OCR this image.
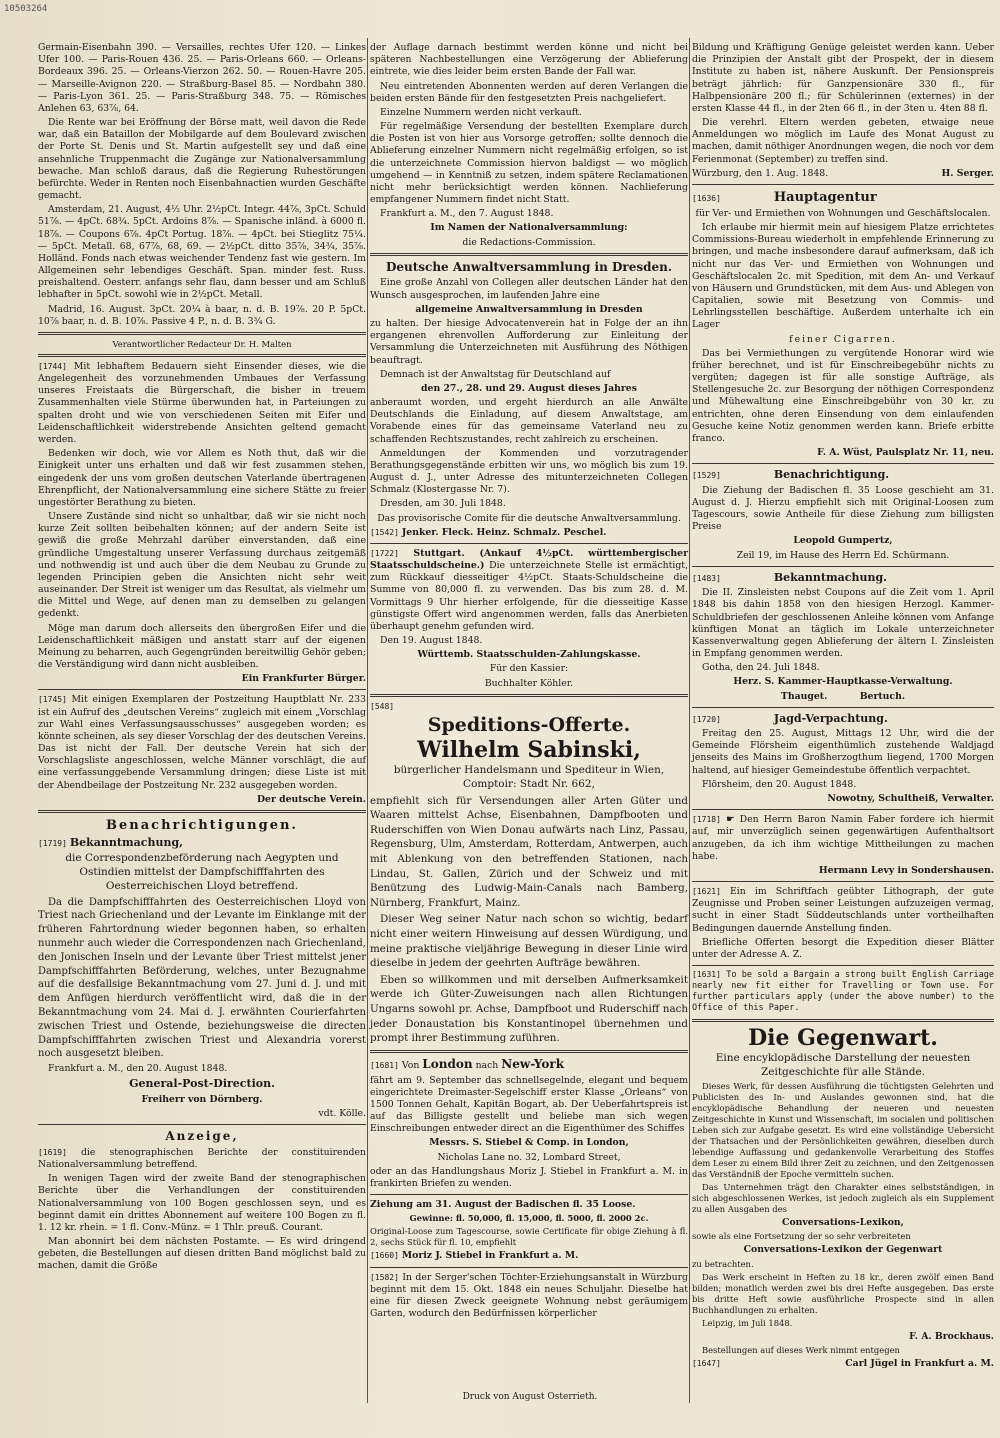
10503264

Germain-Eisenbahn 390. — Versailles, rechtes Ufer 120. — Linkes Ufer 100. — Paris-Rouen 436. 25. — Paris-Orleans 660. — Orleans-Bordeaux 396. 25. — Orleans-Vierzon 262. 50. — Rouen-Havre 205. — Marseille-Avignon 220. — Straßburg-Basel 85. — Nordbahn 380. — Paris-Lyon 361. 25. — Paris-Straßburg 348. 75. — Römisches Anlehen 63, 63⅞, 64.

Die Rente war bei Eröffnung der Börse matt, weil davon die Rede war, daß ein Bataillon der Mobilgarde auf dem Boulevard zwischen der Porte St. Denis und St. Martin aufgestellt sey und daß eine ansehnliche Truppenmacht die Zugänge zur Nationalversammlung bewache. Man schloß daraus, daß die Regierung Ruhestörungen befürchte. Weder in Renten noch Eisenbahnactien wurden Geschäfte gemacht.

Amsterdam, 21. August, 4½ Uhr. 2½pCt. Integr. 44⅞, 3pCt. Schuld 51⅞. — 4pCt. 68¾. 5pCt. Ardoins 8⅞. — Spanische inländ. à 6000 fl. 18⅞. — Coupons 6⅞. 4pCt Portug. 18⅞. — 4pCt. bei Stieglitz 75¼. — 5pCt. Metall. 68, 67⅞, 68, 69. — 2½pCt. ditto 35⅞, 34¾, 35⅞. Holländ. Fonds nach etwas weichender Tendenz fast wie gestern. Im Allgemeinen sehr lebendiges Geschäft. Span. minder fest. Russ. preishaltend. Oesterr. anfangs sehr flau, dann besser und am Schluß lebhafter in 5pCt. sowohl wie in 2½pCt. Metall.

Madrid, 16. August. 3pCt. 20¼ à baar, n. d. B. 19⅞. 20 P. 5pCt. 10⅞ baar, n. d. B. 10⅞. Passive 4 P., n. d. B. 3¾ G.

Verantwortlicher Redacteur Dr. H. Malten

[1744] Mit lebhaftem Bedauern sieht Einsender dieses, wie die Angelegenheit des vorzunehmenden Umbaues der Verfassung unseres Freistaats die Bürgerschaft, die bisher in treuem Zusammenhalten viele Stürme überwunden hat, in Parteiungen zu spalten droht und wie von verschiedenen Seiten mit Eifer und Leidenschaftlichkeit widerstrebende Ansichten geltend gemacht werden.

Bedenken wir doch, wie vor Allem es Noth thut, daß wir die Einigkeit unter uns erhalten und daß wir fest zusammen stehen, eingedenk der uns vom großen deutschen Vaterlande übertragenen Ehrenpflicht, der Nationalversammlung eine sichere Stätte zu freier ungestörter Berathung zu bieten.

Unsere Zustände sind nicht so unhaltbar, daß wir sie nicht noch kurze Zeit sollten beibehalten können; auf der andern Seite ist gewiß die große Mehrzahl darüber einverstanden, daß eine gründliche Umgestaltung unserer Verfassung durchaus zeitgemäß und nothwendig ist und auch über die dem Neubau zu Grunde zu legenden Principien geben die Ansichten nicht sehr weit auseinander. Der Streit ist weniger um das Resultat, als vielmehr um die Mittel und Wege, auf denen man zu demselben zu gelangen gedenkt.

Möge man darum doch allerseits den übergroßen Eifer und die Leidenschaftlichkeit mäßigen und anstatt starr auf der eigenen Meinung zu beharren, auch Gegengründen bereitwillig Gehör geben; die Verständigung wird dann nicht ausbleiben.

Ein Frankfurter Bürger.

[1745] Mit einigen Exemplaren der Postzeitung Hauptblatt Nr. 233 ist ein Aufruf des „deutschen Vereins“ zugleich mit einem „Vorschlag zur Wahl eines Verfassungsausschusses“ ausgegeben worden; es könnte scheinen, als sey dieser Vorschlag der des deutschen Vereins. Das ist nicht der Fall. Der deutsche Verein hat sich der Vorschlagsliste angeschlossen, welche Männer vorschlägt, die auf eine verfassunggebende Versammlung dringen; diese Liste ist mit der Abendbeilage der Postzeitung Nr. 232 ausgegeben worden.

Der deutsche Verein.

Benachrichtigungen.

[1719] Bekanntmachung,

die Correspondenzbeförderung nach Aegypten und Ostindien mittelst der Dampfschifffahrten des Oesterreichischen Lloyd betreffend.

Da die Dampfschifffahrten des Oesterreichischen Lloyd von Triest nach Griechenland und der Levante im Einklange mit der früheren Fahrtordnung wieder begonnen haben, so erhalten nunmehr auch wieder die Correspondenzen nach Griechenland, den Jonischen Inseln und der Levante über Triest mittelst jener Dampfschifffahrten Beförderung, welches, unter Bezugnahme auf die desfallsige Bekanntmachung vom 27. Juni d. J. und mit dem Anfügen hierdurch veröffentlicht wird, daß die in der Bekanntmachung vom 24. Mai d. J. erwähnten Courierfahrten zwischen Triest und Ostende, beziehungsweise die directen Dampfschifffahrten zwischen Triest und Alexandria vorerst noch ausgesetzt bleiben.

Frankfurt a. M., den 20. August 1848.

General-Post-Direction.

Freiherr von Dörnberg.

vdt. Kölle.

Anzeige,

[1619] die stenographischen Berichte der constituirenden Nationalversammlung betreffend.

In wenigen Tagen wird der zweite Band der stenographischen Berichte über die Verhandlungen der constituirenden Nationalversammlung von 100 Bogen geschlossen seyn, und es beginnt damit ein drittes Abonnement auf weitere 100 Bogen zu fl. 1. 12 kr. rhein. = 1 fl. Conv.-Münz. = 1 Thlr. preuß. Courant.

Man abonnirt bei dem nächsten Postamte. — Es wird dringend gebeten, die Bestellungen auf diesen dritten Band möglichst bald zu machen, damit die Größe

der Auflage darnach bestimmt werden könne und nicht bei späteren Nachbestellungen eine Verzögerung der Ablieferung eintrete, wie dies leider beim ersten Bande der Fall war.

Neu eintretenden Abonnenten werden auf deren Verlangen die beiden ersten Bände für den festgesetzten Preis nachgeliefert.

Einzelne Nummern werden nicht verkauft.

Für regelmäßige Versendung der bestellten Exemplare durch die Posten ist von hier aus Vorsorge getroffen; sollte dennoch die Ablieferung einzelner Nummern nicht regelmäßig erfolgen, so ist die unterzeichnete Commission hiervon baldigst — wo möglich umgehend — in Kenntniß zu setzen, indem spätere Reclamationen nicht mehr berücksichtigt werden können. Nachlieferung empfangener Nummern findet nicht Statt.

Frankfurt a. M., den 7. August 1848.

Im Namen der Nationalversammlung:

die Redactions-Commission.

Deutsche Anwaltversammlung in Dresden.

Eine große Anzahl von Collegen aller deutschen Länder hat den Wunsch ausgesprochen, im laufenden Jahre eine

allgemeine Anwaltversammlung in Dresden

zu halten. Der hiesige Advocatenverein hat in Folge der an ihn ergangenen ehrenvollen Aufforderung zur Einleitung der Versammlung die Unterzeichneten mit Ausführung des Nöthigen beauftragt.

Demnach ist der Anwaltstag für Deutschland auf

den 27., 28. und 29. August dieses Jahres

anberaumt worden, und ergeht hierdurch an alle Anwälte Deutschlands die Einladung, auf diesem Anwaltstage, am Vorabende eines für das gemeinsame Vaterland neu zu schaffenden Rechtszustandes, recht zahlreich zu erscheinen.

Anmeldungen der Kommenden und vorzutragender Berathungsgegenstände erbitten wir uns, wo möglich bis zum 19. August d. J., unter Adresse des mitunterzeichneten Collegen Schmalz (Klostergasse Nr. 7).

Dresden, am 30. Juli 1848.

Das provisorische Comite für die deutsche Anwaltversammlung.

[1542] Jenker. Fleck. Heinz. Schmalz. Peschel.

[1722] Stuttgart. (Ankauf 4½pCt. württembergischer Staatsschuldscheine.) Die unterzeichnete Stelle ist ermächtigt, zum Rückkauf diesseitiger 4½pCt. Staats-Schuldscheine die Summe von 80,000 fl. zu verwenden. Das bis zum 28. d. M. Vormittags 9 Uhr hierher erfolgende, für die diesseitige Kasse günstigste Offert wird angenommen werden, falls das Anerbieten überhaupt genehm gefunden wird.

Den 19. August 1848.

Württemb. Staatsschulden-Zahlungskasse.

Für den Kassier:

Buchhalter Köhler.

[548]

Speditions-Offerte.

Wilhelm Sabinski,

bürgerlicher Handelsmann und Spediteur in Wien, Comptoir: Stadt Nr. 662,

empfiehlt sich für Versendungen aller Arten Güter und Waaren mittelst Achse, Eisenbahnen, Dampfbooten und Ruderschiffen von Wien Donau aufwärts nach Linz, Passau, Regensburg, Ulm, Amsterdam, Rotterdam, Antwerpen, auch mit Ablenkung von den betreffenden Stationen, nach Lindau, St. Gallen, Zürich und der Schweiz und mit Benützung des Ludwig-Main-Canals nach Bamberg, Nürnberg, Frankfurt, Mainz.

Dieser Weg seiner Natur nach schon so wichtig, bedarf nicht einer weitern Hinweisung auf dessen Würdigung, und meine praktische vieljährige Bewegung in dieser Linie wird dieselbe in jedem der geehrten Aufträge bewähren.

Eben so willkommen und mit derselben Aufmerksamkeit werde ich Güter-Zuweisungen nach allen Richtungen Ungarns sowohl pr. Achse, Dampfboot und Ruderschiff nach jeder Donaustation bis Konstantinopel übernehmen und prompt ihrer Bestimmung zuführen.

[1681] Von London nach New-York

fährt am 9. September das schnellsegelnde, elegant und bequem eingerichtete Dreimaster-Segelschiff erster Klasse „Orleans“ von 1500 Tonnen Gehalt, Kapitän Bogart, ab. Der Ueberfahrtspreis ist auf das Billigste gestellt und beliebe man sich wegen Einschreibungen entweder direct an die Eigenthümer des Schiffes

Messrs. S. Stiebel & Comp. in London,

Nicholas Lane no. 32, Lombard Street,

oder an das Handlungshaus Moriz J. Stiebel in Frankfurt a. M. in frankirten Briefen zu wenden.

Ziehung am 31. August der Badischen fl. 35 Loose.

Gewinne: fl. 50,000, fl. 15,000, fl. 5000, fl. 2000 2c.

Original-Loose zum Tagescourse, sowie Certificate für obige Ziehung à fl. 2, sechs Stück für fl. 10, empfiehlt

[1660] Moriz J. Stiebel in Frankfurt a. M.

[1582] In der Serger'schen Töchter-Erziehungsanstalt in Würzburg beginnt mit dem 15. Okt. 1848 ein neues Schuljahr. Dieselbe hat eine für diesen Zweck geeignete Wohnung nebst geräumigem Garten, wodurch den Bedürfnissen körperlicher

Druck von August Osterrieth.

Bildung und Kräftigung Genüge geleistet werden kann. Ueber die Prinzipien der Anstalt gibt der Prospekt, der in diesem Institute zu haben ist, nähere Auskunft. Der Pensionspreis beträgt jährlich: für Ganzpensionäre 330 fl., für Halbpensionäre 200 fl.; für Schülerinnen (externes) in der ersten Klasse 44 fl., in der 2ten 66 fl., in der 3ten u. 4ten 88 fl.

Die verehrl. Eltern werden gebeten, etwaige neue Anmeldungen wo möglich im Laufe des Monat August zu machen, damit nöthiger Anordnungen wegen, die noch vor dem Ferienmonat (September) zu treffen sind.

Würzburg, den 1. Aug. 1848.	H. Serger.

[1636]	Hauptagentur

für Ver- und Ermiethen von Wohnungen und Geschäftslocalen.

Ich erlaube mir hiermit mein auf hiesigem Platze errichtetes Commissions-Bureau wiederholt in empfehlende Erinnerung zu bringen, und mache insbesondere darauf aufmerksam, daß ich nicht nur das Ver- und Ermiethen von Wohnungen und Geschäftslocalen 2c. mit Spedition, mit dem An- und Verkauf von Häusern und Grundstücken, mit dem Aus- und Ablegen von Capitalien, sowie mit Besetzung von Commis- und Lehrlingsstellen beschäftige. Außerdem unterhalte ich ein Lager

feiner Cigarren.

Das bei Vermiethungen zu vergütende Honorar wird wie früher berechnet, und ist für Einschreibegebühr nichts zu vergüten; dagegen ist für alle sonstige Aufträge, als Stellengesuche 2c. zur Besorgung der nöthigen Correspondenz und Mühewaltung eine Einschreibgebühr von 30 kr. zu entrichten, ohne deren Einsendung von dem einlaufenden Gesuche keine Notiz genommen werden kann. Briefe erbitte franco.

F. A. Wüst, Paulsplatz Nr. 11, neu.

[1529]	Benachrichtigung.

Die Ziehung der Badischen fl. 35 Loose geschieht am 31. August d. J. Hierzu empfiehlt sich mit Original-Loosen zum Tagescours, sowie Antheile für diese Ziehung zum billigsten Preise

Leopold Gumpertz,

Zeil 19, im Hause des Herrn Ed. Schürmann.

[1483]	Bekanntmachung.

Die II. Zinsleisten nebst Coupons auf die Zeit vom 1. April 1848 bis dahin 1858 von den hiesigen Herzogl. Kammer-Schuldbriefen der geschlossenen Anleihe können vom Anfange künftigen Monat an täglich im Lokale unterzeichneter Kassenverwaltung gegen Ablieferung der ältern I. Zinsleisten in Empfang genommen werden.

Gotha, den 24. Juli 1848.

Herz. S. Kammer-Hauptkasse-Verwaltung.

Thauget.          Bertuch.

[1720]	Jagd-Verpachtung.

Freitag den 25. August, Mittags 12 Uhr, wird die der Gemeinde Flörsheim eigenthümlich zustehende Waldjagd jenseits des Mains im Großherzogthum liegend, 1700 Morgen haltend, auf hiesiger Gemeindestube öffentlich verpachtet.

Flörsheim, den 20. August 1848.

Nowotny, Schultheiß, Verwalter.

[1718] ☛ Den Herrn Baron Namin Faber fordere ich hiermit auf, mir unverzüglich seinen gegenwärtigen Aufenthaltsort anzugeben, da ich ihm wichtige Mittheilungen zu machen habe.

Hermann Levy in Sondershausen.

[1621] Ein im Schriftfach geübter Lithograph, der gute Zeugnisse und Proben seiner Leistungen aufzuzeigen vermag, sucht in einer Stadt Süddeutschlands unter vortheilhaften Bedingungen dauernde Anstellung finden.

Briefliche Offerten besorgt die Expedition dieser Blätter unter der Adresse A. Z.

[1631] To be sold a Bargain a strong built English Carriage nearly new fit either for Travelling or Town use. For further particulars apply (under the above number) to the Office of this Paper.

Die Gegenwart.

Eine encyklopädische Darstellung der neuesten Zeitgeschichte für alle Stände.

Dieses Werk, für dessen Ausführung die tüchtigsten Gelehrten und Publicisten des In- und Auslandes gewonnen sind, hat die encyklopädische Behandlung der neueren und neuesten Zeitgeschichte in Kunst und Wissenschaft, im socialen und politischen Leben sich zur Aufgabe gesetzt. Es wird eine vollständige Uebersicht der Thatsachen und der Persönlichkeiten gewähren, dieselben durch lebendige Auffassung und gedankenvolle Verarbeitung des Stoffes dem Leser zu einem Bild ihrer Zeit zu zeichnen, und den Zeitgenossen das Verständniß der Epoche vermitteln suchen.

Das Unternehmen trägt den Charakter eines selbstständigen, in sich abgeschlossenen Werkes, ist jedoch zugleich als ein Supplement zu allen Ausgaben des

Conversations-Lexikon,

sowie als eine Fortsetzung der so sehr verbreiteten

Conversations-Lexikon der Gegenwart

zu betrachten.

Das Werk erscheint in Heften zu 18 kr., deren zwölf einen Band bilden; monatlich werden zwei bis drei Hefte ausgegeben. Das erste bis dritte Heft sowie ausführliche Prospecte sind in allen Buchhandlungen zu erhalten.

Leipzig, im Juli 1848.

F. A. Brockhaus.

Bestellungen auf dieses Werk nimmt entgegen

[1647]	Carl Jügel in Frankfurt a. M.
